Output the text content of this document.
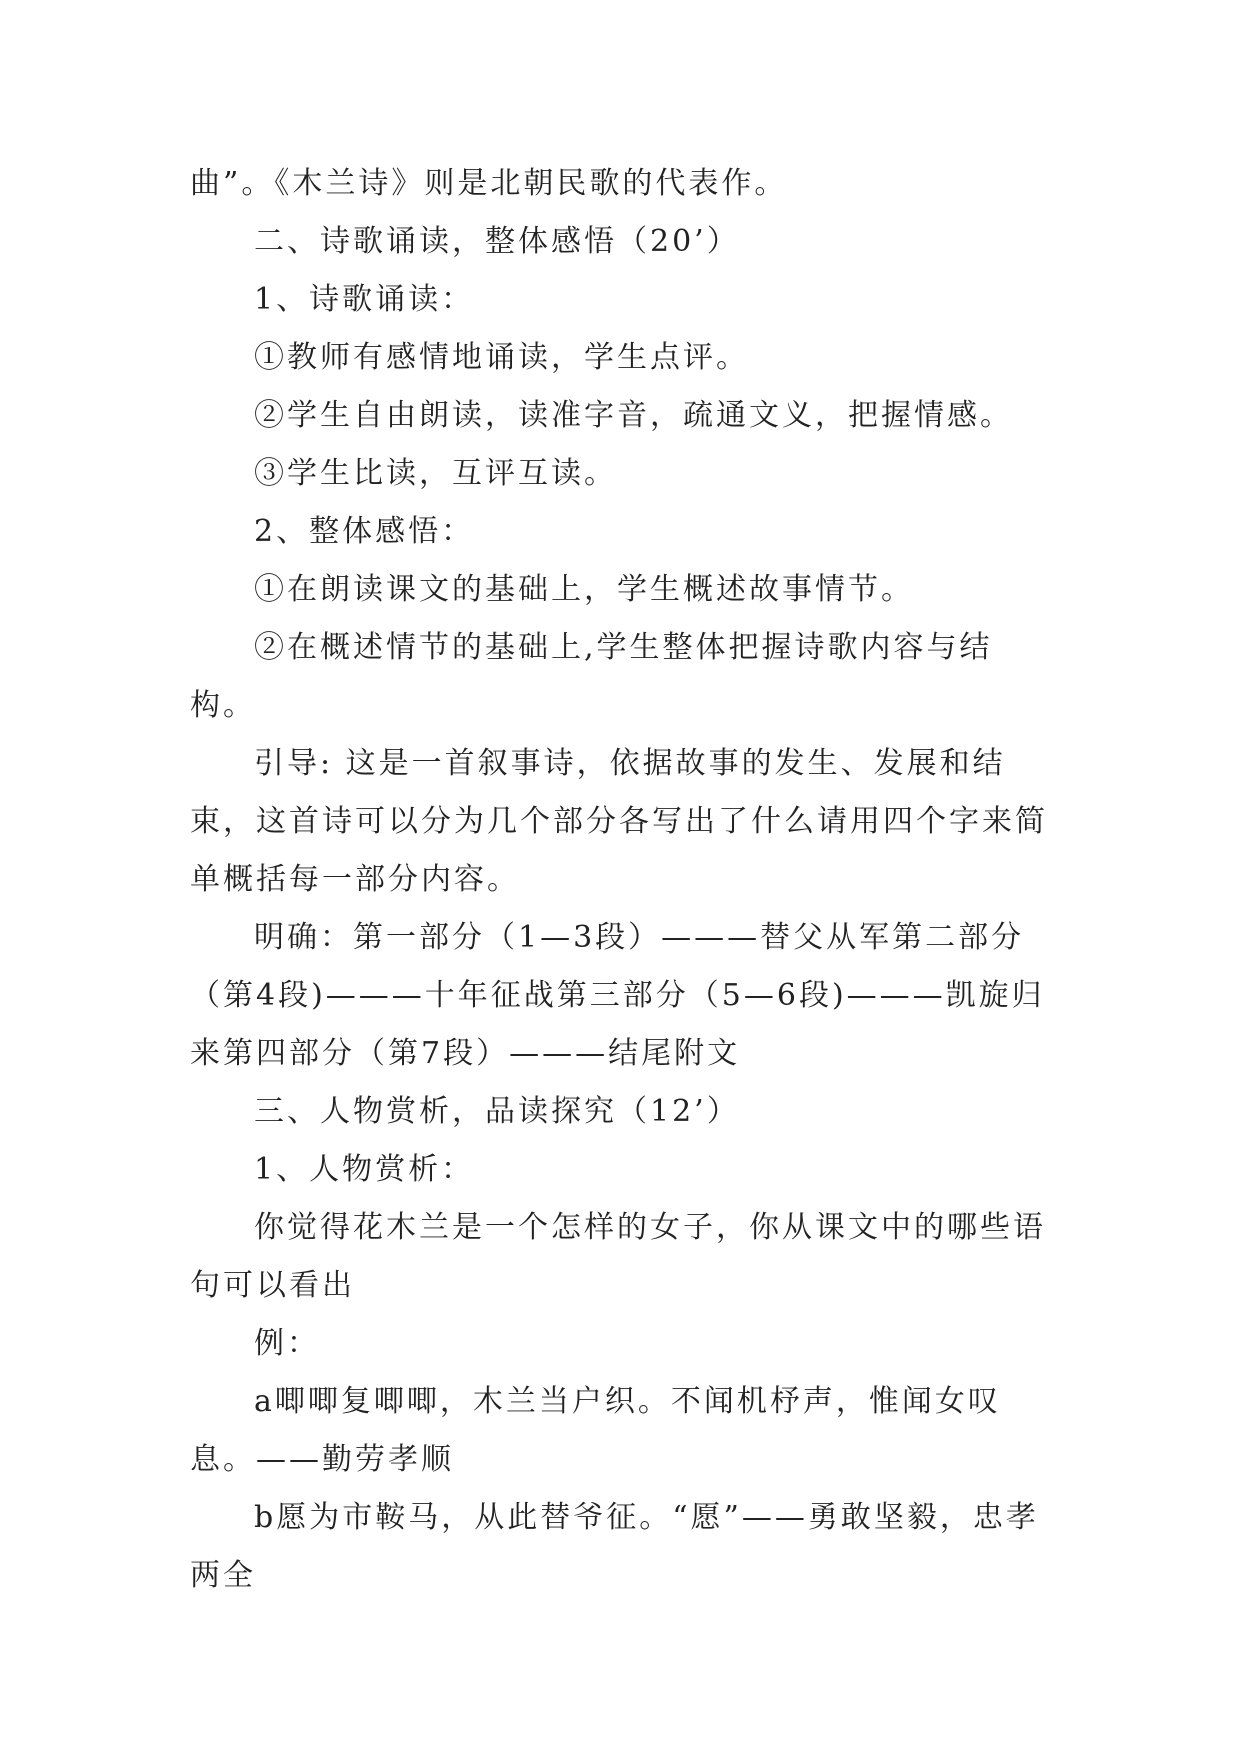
曲”。《木兰诗》则是北朝民歌的代表作。

二、诗歌诵读，整体感悟（20’）

1、诗歌诵读：

①教师有感情地诵读，学生点评。

②学生自由朗读，读准字音，疏通文义，把握情感。

③学生比读，互评互读。

2、整体感悟：

①在朗读课文的基础上，学生概述故事情节。

②在概述情节的基础上,学生整体把握诗歌内容与结构。

引导: 这是一首叙事诗，依据故事的发生、发展和结束，这首诗可以分为几个部分各写出了什么请用四个字来简单概括每一部分内容。

明确：第一部分（1—3段）———替父从军第二部分（第4段)———十年征战第三部分（5—6段)———凯旋归来第四部分（第7段）———结尾附文

三、人物赏析，品读探究（12’）

1、人物赏析：

你觉得花木兰是一个怎样的女子，你从课文中的哪些语句可以看出

例：

a唧唧复唧唧，木兰当户织。不闻机杼声，惟闻女叹息。——勤劳孝顺

b愿为市鞍马，从此替爷征。“愿”——勇敢坚毅，忠孝两全
